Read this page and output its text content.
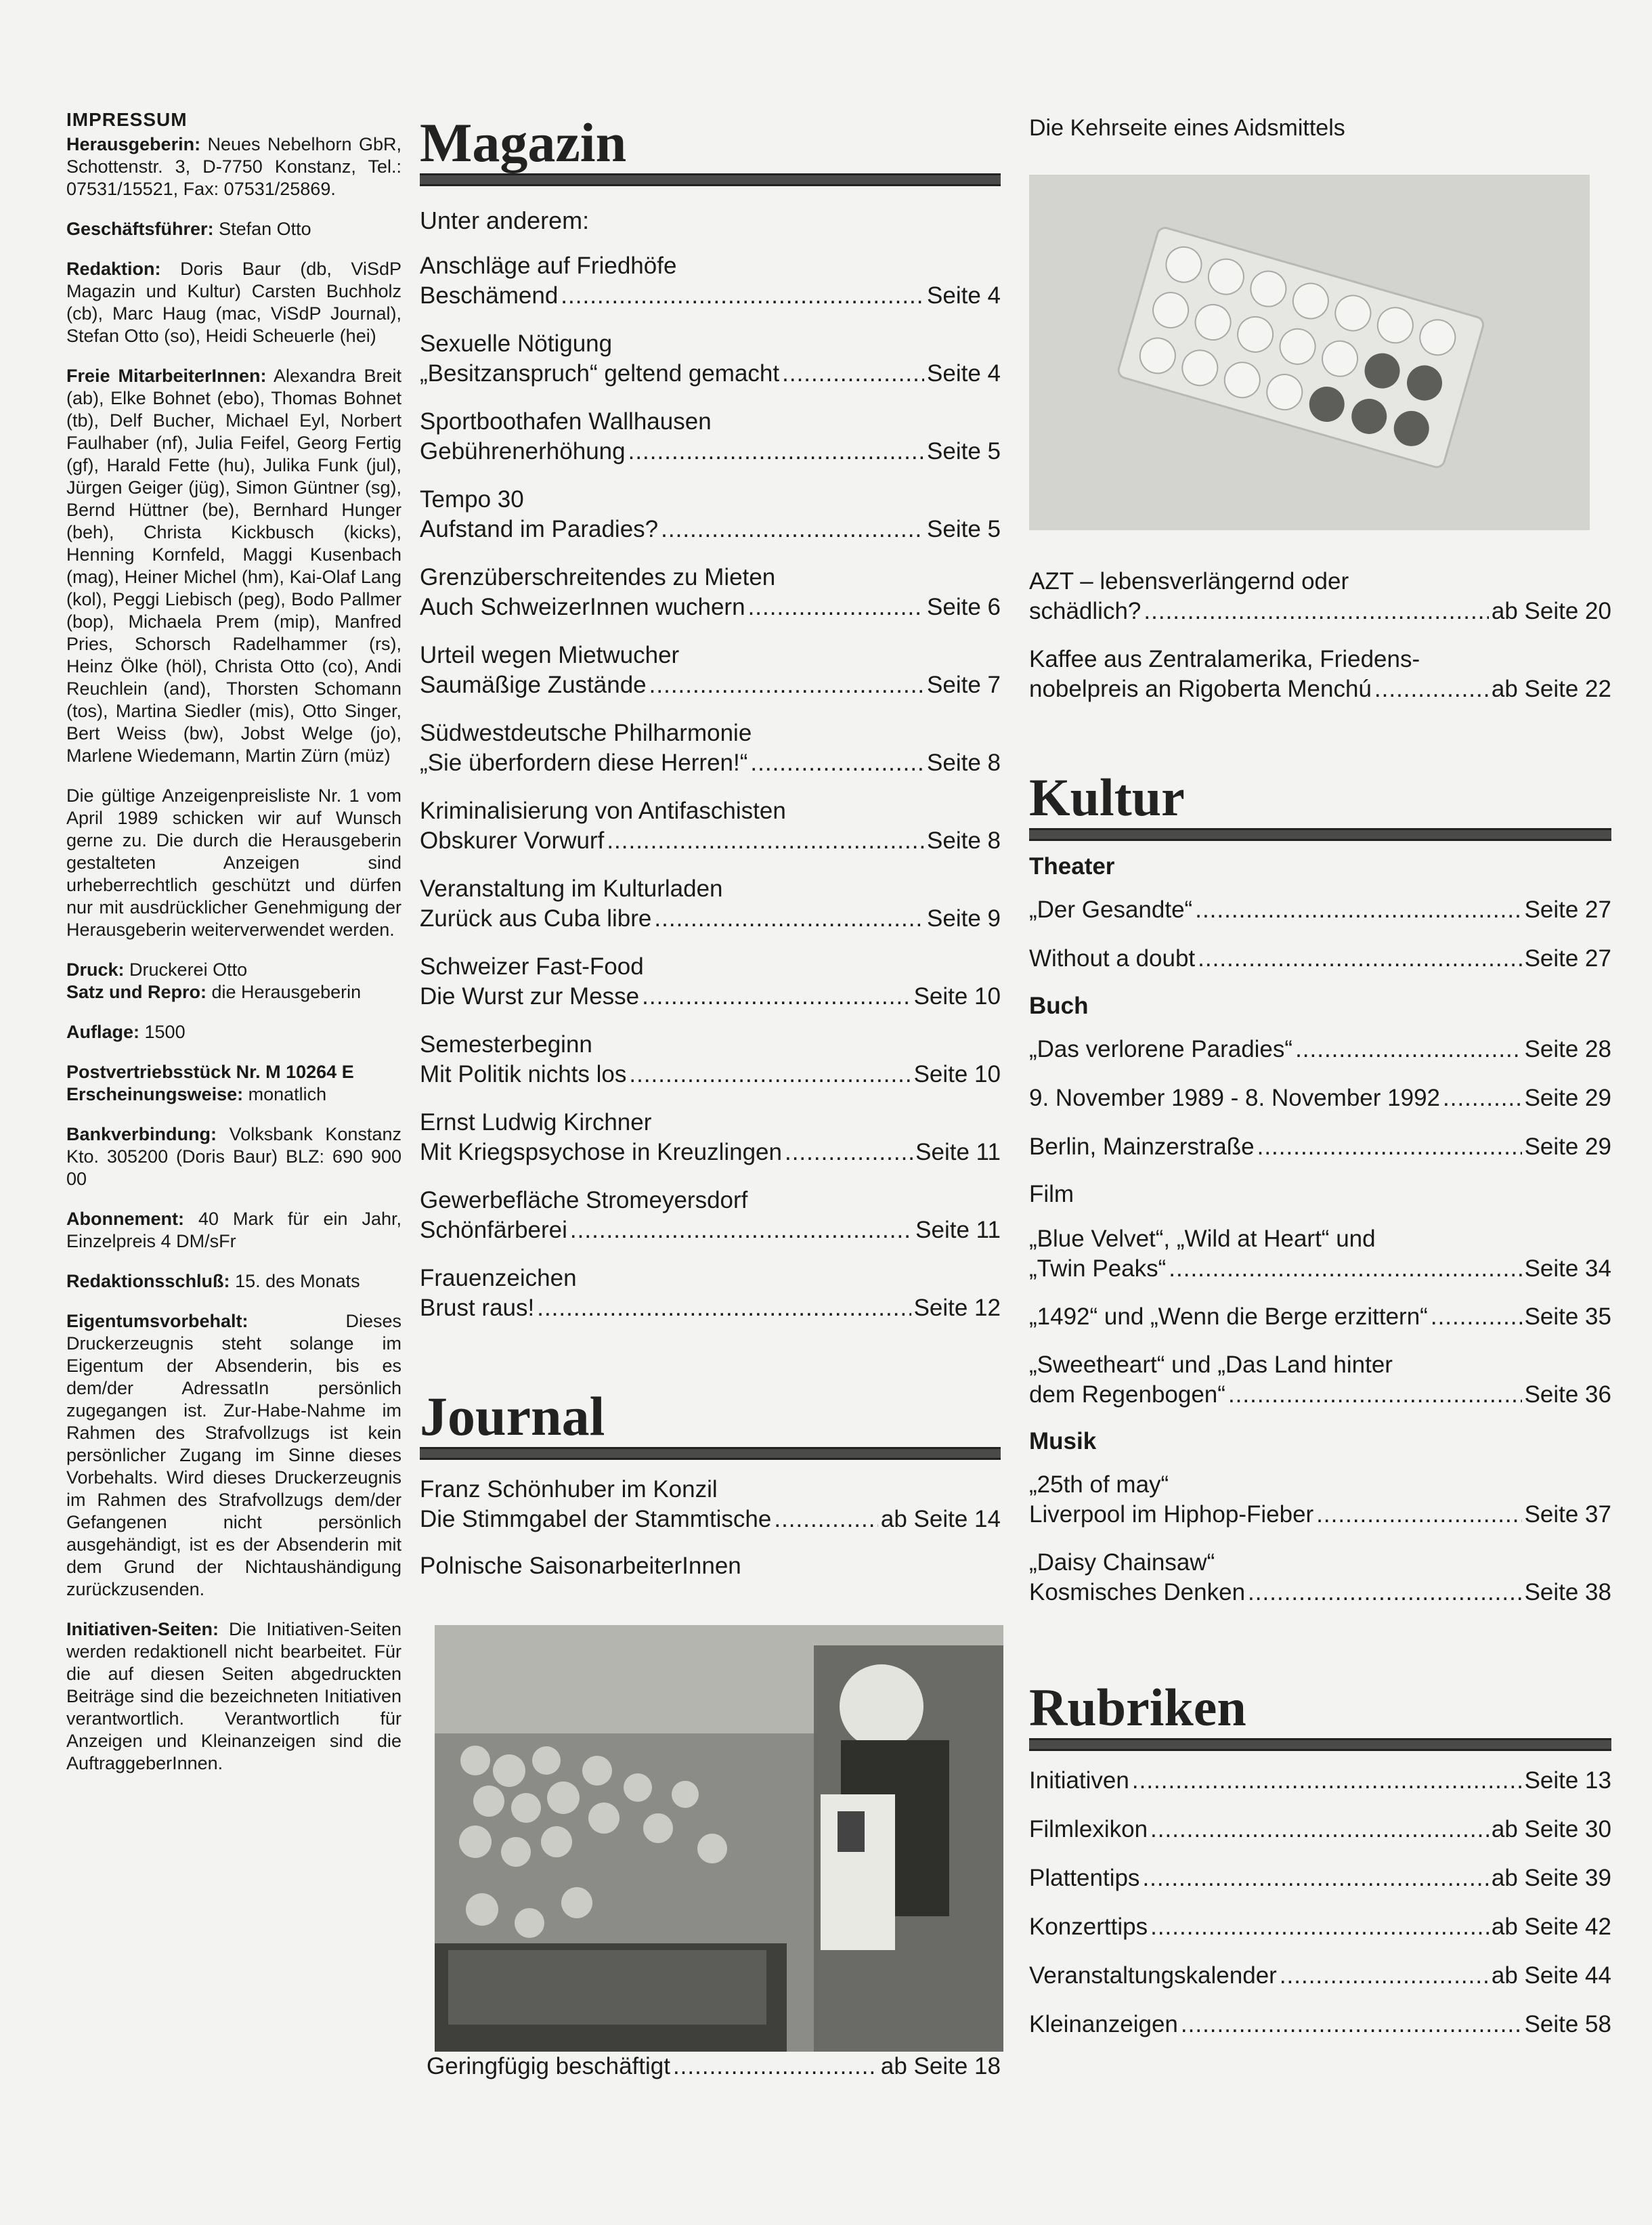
IMPRESSUM
Herausgeberin: Neues Nebelhorn GbR, Schottenstr. 3, D-7750 Konstanz, Tel.: 07531/15521, Fax: 07531/25869.
Geschäftsführer: Stefan Otto
Redaktion: Doris Baur (db, ViSdP Magazin und Kultur) Carsten Buchholz (cb), Marc Haug (mac, ViSdP Journal), Stefan Otto (so), Heidi Scheuerle (hei)
Freie MitarbeiterInnen: Alexandra Breit (ab), Elke Bohnet (ebo), Thomas Bohnet (tb), Delf Bucher, Michael Eyl, Norbert Faulhaber (nf), Julia Feifel, Georg Fertig (gf), Harald Fette (hu), Julika Funk (jul), Jürgen Geiger (jüg), Simon Güntner (sg), Bernd Hüttner (be), Bernhard Hunger (beh), Christa Kickbusch (kicks), Henning Kornfeld, Maggi Kusenbach (mag), Heiner Michel (hm), Kai-Olaf Lang (kol), Peggi Liebisch (peg), Bodo Pallmer (bop), Michaela Prem (mip), Manfred Pries, Schorsch Radelhammer (rs), Heinz Ölke (höl), Christa Otto (co), Andi Reuchlein (and), Thorsten Schomann (tos), Martina Siedler (mis), Otto Singer, Bert Weiss (bw), Jobst Welge (jo), Marlene Wiedemann, Martin Zürn (müz)
Die gültige Anzeigenpreisliste Nr. 1 vom April 1989 schicken wir auf Wunsch gerne zu. Die durch die Herausgeberin gestalteten Anzeigen sind urheberrechtlich geschützt und dürfen nur mit ausdrücklicher Genehmigung der Herausgeberin weiterverwendet werden.
Druck: Druckerei Otto
Satz und Repro: die Herausgeberin
Auflage: 1500
Postvertriebsstück Nr. M 10264 E
Erscheinungsweise: monatlich
Bankverbindung: Volksbank Konstanz Kto. 305200 (Doris Baur) BLZ: 690 900 00
Abonnement: 40 Mark für ein Jahr, Einzelpreis 4 DM/sFr
Redaktionsschluß: 15. des Monats
Eigentumsvorbehalt:	Dieses Druckerzeugnis steht solange im Eigentum der Absenderin, bis es dem/der AdressatIn persönlich zugegangen ist. Zur-Habe-Nahme im Rahmen des Strafvollzugs ist kein persönlicher Zugang im Sinne dieses Vorbehalts. Wird dieses Druckerzeugnis im Rahmen des Strafvollzugs dem/der Gefangenen nicht persönlich ausgehändigt, ist es der Absenderin mit dem Grund der Nichtaushändigung zurückzusenden.
Initiativen-Seiten: Die Initiativen-Seiten werden redaktionell nicht bearbeitet. Für die auf diesen Seiten abgedruckten Beiträge sind die bezeichneten Initiativen verantwortlich. Verantwortlich für Anzeigen und Kleinanzeigen sind die AuftraggeberInnen.
Magazin
Unter anderem:
Anschläge auf Friedhöfe
Beschämend .....	Seite 4
Sexuelle Nötigung
„Besitzanspruch“ geltend gemacht .....	Seite 4
Sportboothafen Wallhausen
Gebührenerhöhung .....	Seite 5
Tempo 30
Aufstand im Paradies? .....	Seite 5
Grenzüberschreitendes zu Mieten
Auch SchweizerInnen wuchern .....	Seite 6
Urteil wegen Mietwucher
Saumäßige Zustände .....	Seite 7
Südwestdeutsche Philharmonie
„Sie überfordern diese Herren!“ .....	Seite 8
Kriminalisierung von Antifaschisten
Obskurer Vorwurf .....	Seite 8
Veranstaltung im Kulturladen
Zurück aus Cuba libre .....	Seite 9
Schweizer Fast-Food
Die Wurst zur Messe .....	Seite 10
Semesterbeginn
Mit Politik nichts los .....	Seite 10
Ernst Ludwig Kirchner
Mit Kriegspsychose in Kreuzlingen .....	Seite 11
Gewerbefläche Stromeyersdorf
Schönfärberei .....	Seite 11
Frauenzeichen
Brust raus! .....	Seite 12
Journal
Franz Schönhuber im Konzil
Die Stimmgabel der Stammtische .....	ab Seite 14
Polnische SaisonarbeiterInnen
Geringfügig beschäftigt .....	ab Seite 18
Die Kehrseite eines Aidsmittels
AZT – lebensverlängernd oder
schädlich? .....	ab Seite 20
Kaffee aus Zentralamerika, Friedens-
nobelpreis an Rigoberta Menchú .....	ab Seite 22
Kultur
Theater
„Der Gesandte“ .....	Seite 27
Without a doubt .....	Seite 27
Buch
„Das verlorene Paradies“ .....	Seite 28
9. November 1989 - 8. November 1992 .....	Seite 29
Berlin, Mainzerstraße .....	Seite 29
Film
„Blue Velvet“, „Wild at Heart“ und
„Twin Peaks“ .....	Seite 34
„1492“ und „Wenn die Berge erzittern“ .....	Seite 35
„Sweetheart“ und „Das Land hinter
dem Regenbogen“ .....	Seite 36
Musik
„25th of may“
Liverpool im Hiphop-Fieber .....	Seite 37
„Daisy Chainsaw“
Kosmisches Denken .....	Seite 38
Rubriken
Initiativen .....	Seite 13
Filmlexikon .....	ab Seite 30
Plattentips .....	ab Seite 39
Konzerttips .....	ab Seite 42
Veranstaltungskalender .....	ab Seite 44
Kleinanzeigen .....	Seite 58
